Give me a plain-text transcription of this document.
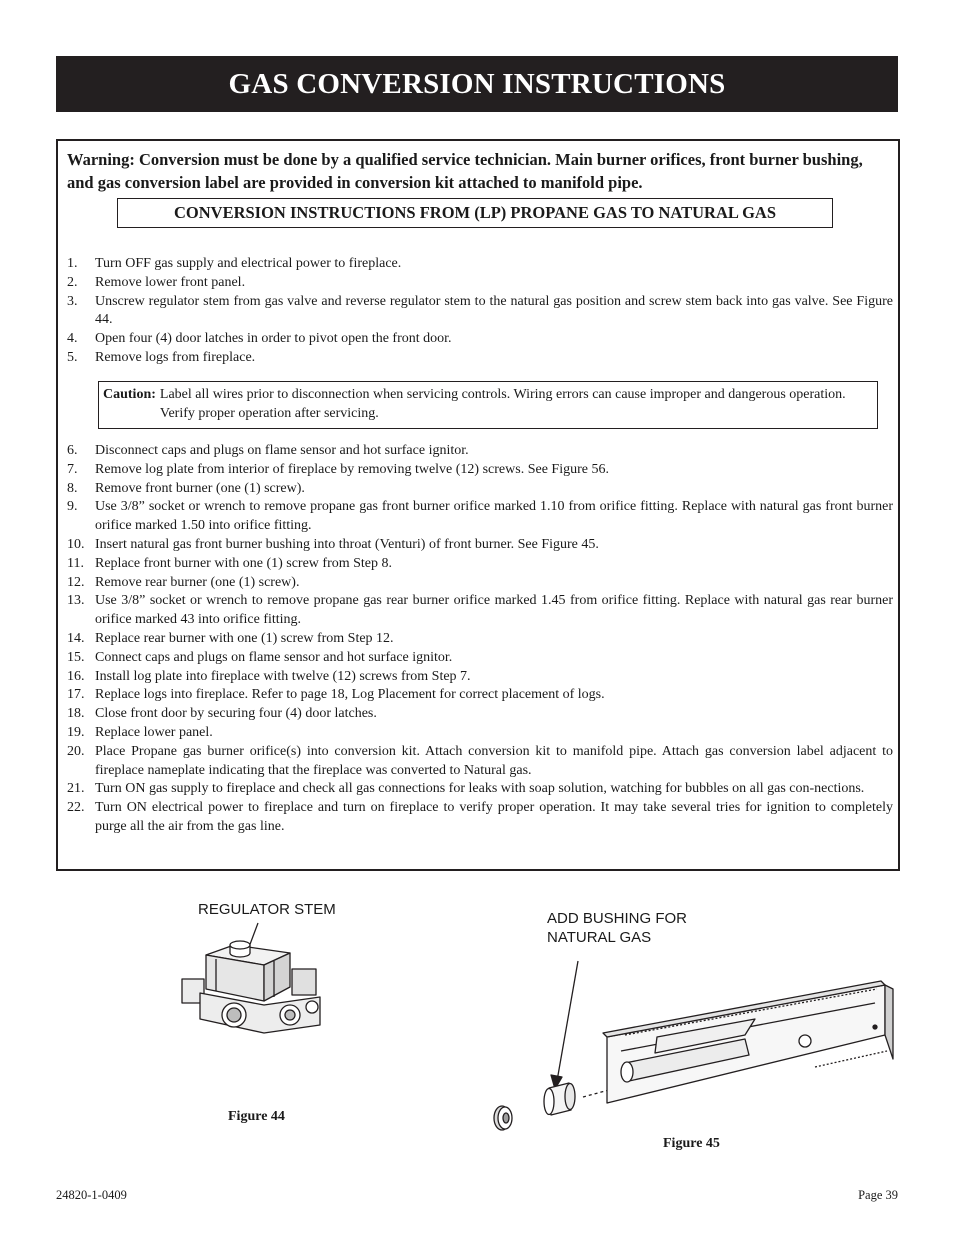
GAS CONVERSION INSTRUCTIONS
Warning: Conversion must be done by a qualified service technician. Main burner orifices, front burner bushing, and gas conversion label are provided in conversion kit attached to manifold pipe.
CONVERSION INSTRUCTIONS FROM (LP) PROPANE GAS TO NATURAL GAS
1.	Turn OFF gas supply and electrical power to fireplace.
2.	Remove lower front panel.
3.	Unscrew regulator stem from gas valve and reverse regulator stem to the natural gas position and screw stem back into gas valve. See Figure 44.
4.	Open four (4) door latches in order to pivot open the front door.
5.	Remove logs from fireplace.
Caution: Label all wires prior to disconnection when servicing controls. Wiring errors can cause improper and dangerous operation. Verify proper operation after servicing.
6.	Disconnect caps and plugs on flame sensor and hot surface ignitor.
7.	Remove log plate from interior of fireplace by removing twelve (12) screws. See Figure 56.
8.	Remove front burner (one (1) screw).
9.	Use 3/8” socket or wrench to remove propane gas front burner orifice marked 1.10 from orifice fitting. Replace with natural gas front burner orifice marked 1.50 into orifice fitting.
10. Insert natural gas front burner bushing into throat (Venturi) of front burner. See Figure 45.
11. Replace front burner with one (1) screw from Step 8.
12. Remove rear burner (one (1) screw).
13. Use 3/8” socket or wrench to remove propane gas rear burner orifice marked 1.45 from orifice fitting. Replace with natural gas rear burner orifice marked 43 into orifice fitting.
14. Replace rear burner with one (1) screw from Step 12.
15. Connect caps and plugs on flame sensor and hot surface ignitor.
16. Install log plate into fireplace with twelve (12) screws from Step 7.
17. Replace logs into fireplace. Refer to page 18, Log Placement for correct placement of logs.
18. Close front door by securing four (4) door latches.
19. Replace lower panel.
20. Place Propane gas burner orifice(s) into conversion kit. Attach conversion kit to manifold pipe. Attach gas conversion label adjacent to fireplace nameplate indicating that the fireplace was converted to Natural gas.
21. Turn ON gas supply to fireplace and check all gas connections for leaks with soap solution, watching for bubbles on all gas con-nections.
22. Turn ON electrical power to fireplace and turn on fireplace to verify proper operation. It may take several tries for ignition to completely purge all the air from the gas line.
REGULATOR STEM
Figure 44
ADD BUSHING FOR
NATURAL GAS
Figure 45
24820-1-0409	Page 39
